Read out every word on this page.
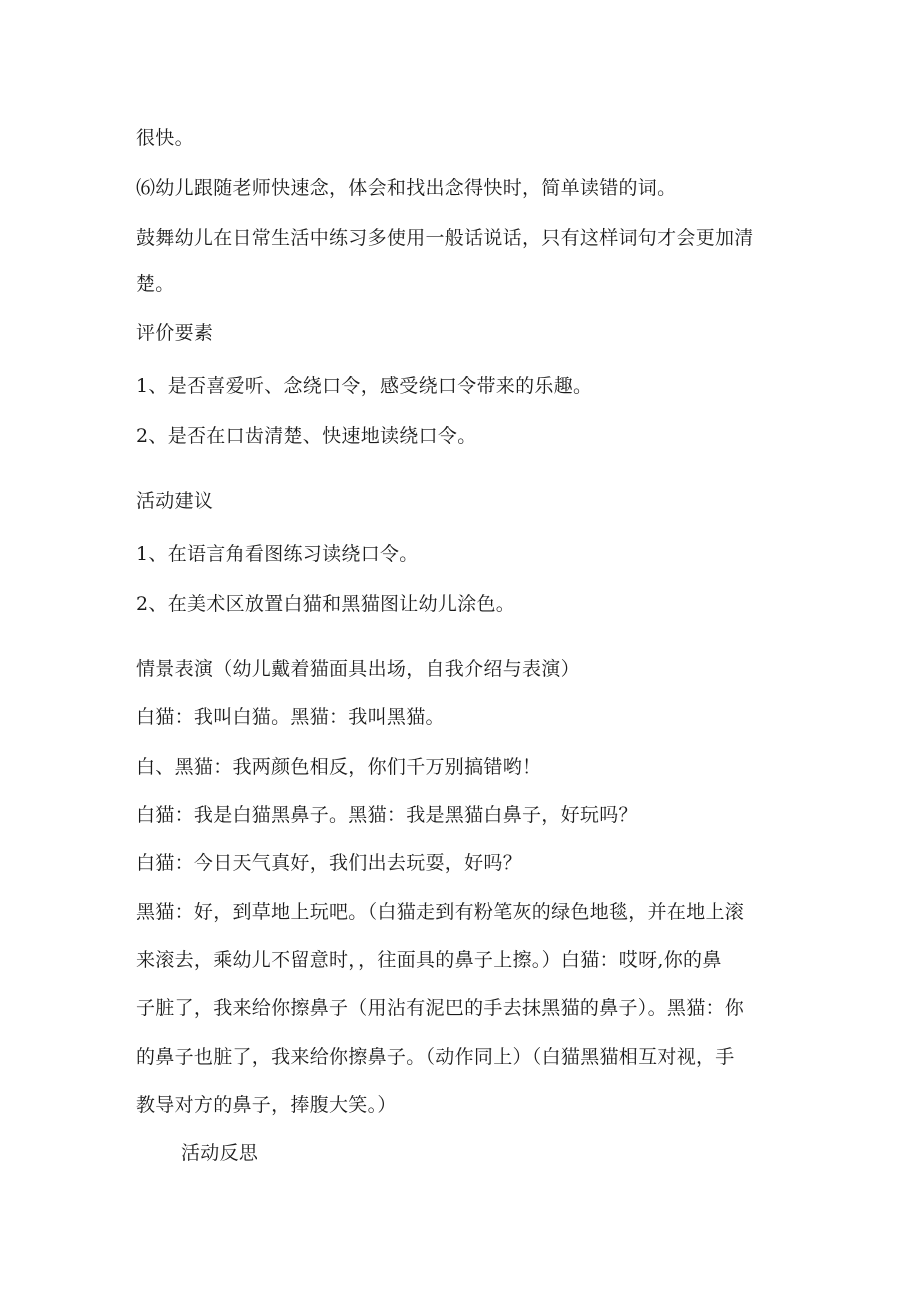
很快。
⑹幼儿跟随老师快速念，体会和找出念得快时，简单读错的词。
鼓舞幼儿在日常生活中练习多使用一般话说话，只有这样词句才会更加清
楚。
评价要素
1、是否喜爱听、念绕口令，感受绕口令带来的乐趣。
2、是否在口齿清楚、快速地读绕口令。
活动建议
1、在语言角看图练习读绕口令。
2、在美术区放置白猫和黑猫图让幼儿涂色。
情景表演（幼儿戴着猫面具出场，自我介绍与表演）
白猫：我叫白猫。黑猫：我叫黑猫。
白、黑猫：我两颜色相反，你们千万别搞错哟！
白猫：我是白猫黑鼻子。黑猫：我是黑猫白鼻子，好玩吗？
白猫：今日天气真好，我们出去玩耍，好吗？
黑猫：好，到草地上玩吧。（白猫走到有粉笔灰的绿色地毯，并在地上滚
来滚去，乘幼儿不留意时，，往面具的鼻子上擦。）白猫：哎呀,你的鼻
子脏了，我来给你擦鼻子（用沾有泥巴的手去抹黑猫的鼻子）。黑猫：你
的鼻子也脏了，我来给你擦鼻子。（动作同上）（白猫黑猫相互对视，手
教导对方的鼻子，捧腹大笑。）
活动反思
